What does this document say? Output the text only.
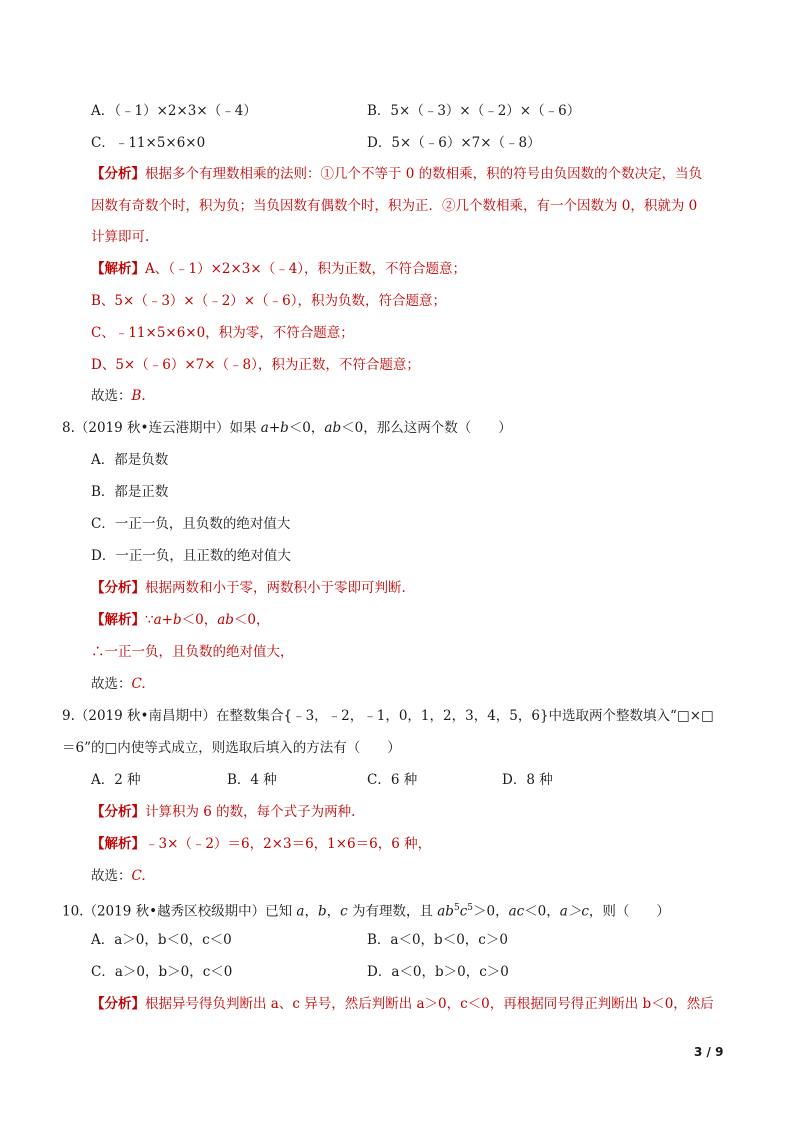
A．（﹣1）×2×3×（﹣4）	B．5×（﹣3）×（﹣2）×（﹣6）
C．﹣11×5×6×0	D．5×（﹣6）×7×（﹣8）
【分析】根据多个有理数相乘的法则：①几个不等于 0 的数相乘，积的符号由负因数的个数决定，当负
因数有奇数个时，积为负；当负因数有偶数个时，积为正．②几个数相乘，有一个因数为 0，积就为 0
计算即可.
【解析】A、（﹣1）×2×3×（﹣4），积为正数，不符合题意；
B、5×（﹣3）×（﹣2）×（﹣6），积为负数，符合题意；
C、﹣11×5×6×0，积为零，不符合题意；
D、5×（﹣6）×7×（﹣8），积为正数，不符合题意；
故选：B.
8.（2019 秋•连云港期中）如果 a+b＜0，ab＜0，那么这两个数（　　）
A．都是负数
B．都是正数
C．一正一负，且负数的绝对值大
D．一正一负，且正数的绝对值大
【分析】根据两数和小于零，两数积小于零即可判断.
【解析】∵a+b＜0，ab＜0，
∴一正一负，且负数的绝对值大，
故选：C.
9.（2019 秋•南昌期中）在整数集合{﹣3，﹣2，﹣1，0，1，2，3，4，5，6}中选取两个整数填入“□×□
＝6”的□内使等式成立，则选取后填入的方法有（　　）
A．2 种	B．4 种	C．6 种	D．8 种
【分析】计算积为 6 的数，每个式子为两种.
【解析】﹣3×（﹣2）＝6，2×3＝6，1×6＝6，6 种，
故选：C.
10.（2019 秋•越秀区校级期中）已知 a，b，c 为有理数，且 $ab^5c^5>0$，ac＜0，a＞c，则（　　）
A．a＞0，b＜0，c＜0	B．a＜0，b＜0，c＞0
C．a＞0，b＞0，c＜0	D．a＜0，b＞0，c＞0
【分析】根据异号得负判断出 a、c 异号，然后判断出 a＞0，c＜0，再根据同号得正判断出 b＜0，然后
3 / 9
